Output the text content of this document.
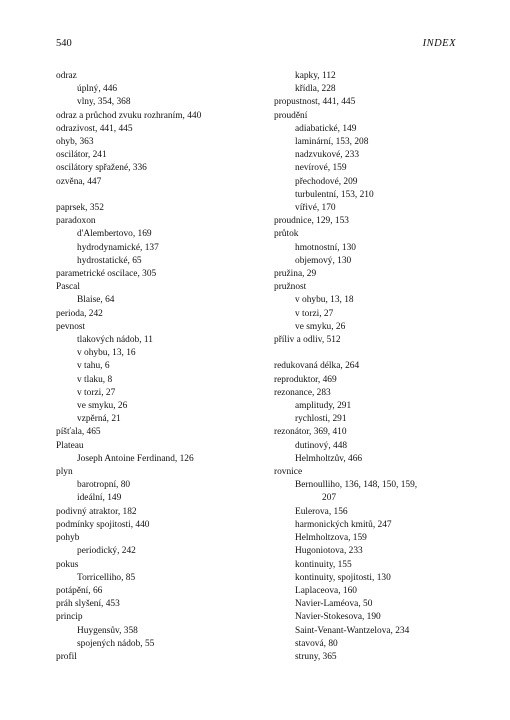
540	INDEX
odraz
úplný, 446
vlny, 354, 368
odraz a průchod zvuku rozhraním, 440
odrazivost, 441, 445
ohyb, 363
oscilátor, 241
oscilátory spřažené, 336
ozvěna, 447
paprsek, 352
paradoxon
d'Alembertovo, 169
hydrodynamické, 137
hydrostatické, 65
parametrické oscilace, 305
Pascal
Blaise, 64
perioda, 242
pevnost
tlakových nádob, 11
v ohybu, 13, 16
v tahu, 6
v tlaku, 8
v torzi, 27
ve smyku, 26
vzpěrná, 21
píšťala, 465
Plateau
Joseph Antoine Ferdinand, 126
plyn
barotropní, 80
ideální, 149
podivný atraktor, 182
podmínky spojitosti, 440
pohyb
periodický, 242
pokus
Torricelliho, 85
potápění, 66
práh slyšení, 453
princip
Huygensův, 358
spojených nádob, 55
profil
kapky, 112
křídla, 228
propustnost, 441, 445
proudění
adiabatické, 149
laminární, 153, 208
nadzvukové, 233
nevírové, 159
přechodové, 209
turbulentní, 153, 210
vířivé, 170
proudnice, 129, 153
průtok
hmotnostní, 130
objemový, 130
pružina, 29
pružnost
v ohybu, 13, 18
v torzi, 27
ve smyku, 26
příliv a odliv, 512
redukovaná délka, 264
reproduktor, 469
rezonance, 283
amplitudy, 291
rychlosti, 291
rezonátor, 369, 410
dutinový, 448
Helmholtzův, 466
rovnice
Bernoulliho, 136, 148, 150, 159,
207
Eulerova, 156
harmonických kmitů, 247
Helmholtzova, 159
Hugoniotova, 233
kontinuity, 155
kontinuity, spojitosti, 130
Laplaceova, 160
Navier-Laméova, 50
Navier-Stokesova, 190
Saint-Venant-Wantzelova, 234
stavová, 80
struny, 365
